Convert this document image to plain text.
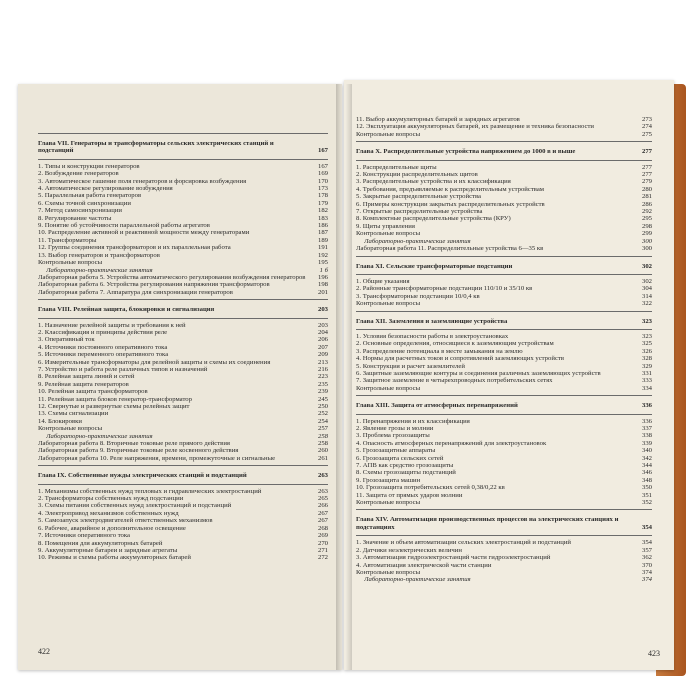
Глава VII. Генераторы и трансформаторы сельских электрических станций и подстанций	167
1. Типы и конструкции генераторов	167
2. Возбуждение генераторов	169
3. Автоматическое гашение поля генераторов и форсировка возбуждения	170
4. Автоматическое регулирование возбуждения	173
5. Параллельная работа генераторов	178
6. Схемы точной синхронизации	179
7. Метод самосинхронизации	182
8. Регулирование частоты	183
9. Понятие об устойчивости параллельной работы агрегатов	186
10. Распределение активной и реактивной мощности между генераторами	187
11. Трансформаторы	189
12. Группы соединения трансформаторов и их параллельная работа	191
13. Выбор генераторов и трансформаторов	192
Контрольные вопросы	195
Лабораторно-практические занятия	1 б
Лабораторная работа 5. Устройства автоматического регулирования возбуждения генераторов	196
Лабораторная работа 6. Устройства регулирования напряжения трансформаторов	198
Лабораторная работа 7. Аппаратура для синхронизации генераторов	201
Глава VIII. Релейная защита, блокировки и сигнализация	203
1. Назначение релейной защиты и требования к ней	203
2. Классификация и принципы действия реле	204
3. Оперативный ток	206
4. Источники постоянного оперативного тока	207
5. Источники переменного оперативного тока	209
6. Измерительные трансформаторы для релейной защиты и схемы их соединения	213
7. Устройство и работа реле различных типов и назначений	216
8. Релейная защита линий и сетей	223
9. Релейная защита генераторов	235
10. Релейная защита трансформаторов	239
11. Релейная защита блоков генератор-трансформатор	245
12. Свернутые и развернутые схемы релейных защит	250
13. Схемы сигнализации	252
14. Блокировки	254
Контрольные вопросы	257
Лабораторно-практические занятия	258
Лабораторная работа 8. Вторичные токовые реле прямого действия	258
Лабораторная работа 9. Вторичные токовые реле косвенного действия	260
Лабораторная работа 10. Реле напряжения, времени, промежуточные и сигнальные	261
Глава IX. Собственные нужды электрических станций и подстанций	263
1. Механизмы собственных нужд тепловых и гидравлических электростанций	263
2. Трансформаторы собственных нужд подстанции	265
3. Схемы питания собственных нужд электростанций и подстанций	266
4. Электропривод механизмов собственных нужд	267
5. Самозапуск электродвигателей ответственных механизмов	267
6. Рабочее, аварийное и дополнительное освещение	268
7. Источники оперативного тока	269
8. Помещения для аккумуляторных батарей	270
9. Аккумуляторные батареи и зарядные агрегаты	271
10. Режимы и схемы работы аккумуляторных батарей	272
422
11. Выбор аккумуляторных батарей и зарядных агрегатов	273
12. Эксплуатация аккумуляторных батарей, их размещение и техника безопасности	274
Контрольные вопросы	275
Глава X. Распределительные устройства напряжением до 1000 в и выше	277
1. Распределительные щиты	277
2. Конструкции распределительных щитов	277
3. Распределительные устройства и их классификация	279
4. Требования, предъявляемые к распределительным устройствам	280
5. Закрытые распределительные устройства	281
6. Примеры конструкции закрытых распределительных устройств	286
7. Открытые распределительные устройства	292
8. Комплектные распределительные устройства (КРУ)	295
9. Щиты управления	298
Контрольные вопросы	299
Лабораторно-практические занятия	300
Лабораторная работа 11. Распределительные устройства 6—35 кв	300
Глава XI. Сельские трансформаторные подстанции	302
1. Общие указания	302
2. Районные трансформаторные подстанции 110/10 и 35/10 кв	304
3. Трансформаторные подстанции 10/0,4 кв	314
Контрольные вопросы	322
Глава XII. Заземления и заземляющие устройства	323
1. Условия безопасности работы в электроустановках	323
2. Основные определения, относящиеся к заземляющим устройствам	325
3. Распределение потенциала в месте замыкания на землю	326
4. Нормы для расчетных токов и сопротивлений заземляющих устройств	328
5. Конструкция и расчет заземлителей	329
6. Защитные заземляющие контуры и соединения различных заземляющих устройств	331
7. Защитное заземление в четырехпроводных потребительских сетях	333
Контрольные вопросы	334
Глава XIII. Защита от атмосферных перенапряжений	336
1. Перенапряжения и их классификация	336
2. Явление грозы и молнии	337
3. Проблема грозозащиты	338
4. Опасность атмосферных перенапряжений для электроустановок	339
5. Грозозащитные аппараты	340
6. Грозозащита сельских сетей	342
7. АПВ как средство грозозащиты	344
8. Схемы грозозащиты подстанций	346
9. Грозозащита машин	348
10. Грозозащита потребительских сетей 0,38/0,22 кв	350
11. Защита от прямых ударов молнии	351
Контрольные вопросы	352
Глава XIV. Автоматизация производственных процессов на электрических станциях и подстанциях	354
1. Значение и объем автоматизации сельских электростанций и подстанций	354
2. Датчики неэлектрических величин	357
3. Автоматизация гидроэлектростанций части гидроэлектростанций	362
4. Автоматизация электрической части станции	370
Контрольные вопросы	374
Лабораторно-практические занятия	374
423
